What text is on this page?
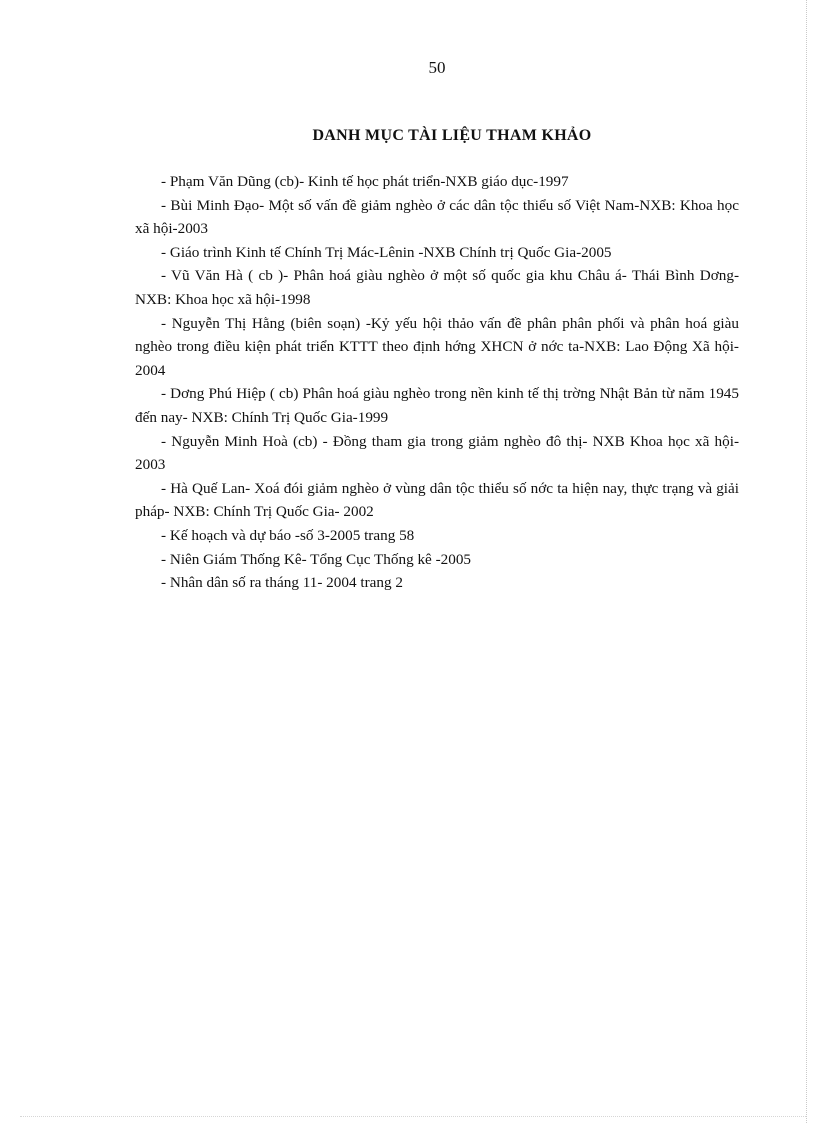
50
DANH MỤC TÀI LIỆU THAM KHẢO
- Phạm Văn Dũng (cb)- Kinh tế học phát triển-NXB giáo dục-1997
- Bùi Minh Đạo- Một số vấn đề giảm nghèo ở các dân tộc thiểu số Việt Nam-NXB: Khoa học xã hội-2003
- Giáo trình Kinh tế Chính Trị Mác-Lênin -NXB Chính trị Quốc Gia-2005
- Vũ Văn Hà ( cb )- Phân hoá giàu nghèo ở một số quốc gia khu Châu á- Thái Bình Dơng- NXB: Khoa học xã hội-1998
- Nguyễn Thị Hằng (biên soạn) -Kỷ yếu hội thảo vấn đề phân phân phối và phân hoá giàu nghèo trong điều kiện phát triển KTTT theo định hớng XHCN ở nớc ta-NXB: Lao Động Xã hội-2004
- Dơng Phú Hiệp ( cb) Phân hoá giàu nghèo trong nền kinh tế thị trờng Nhật Bản từ năm 1945 đến nay- NXB: Chính Trị Quốc Gia-1999
- Nguyễn Minh Hoà (cb) - Đồng tham gia trong giảm nghèo đô thị- NXB Khoa học xã hội-2003
- Hà Quế Lan- Xoá đói giảm nghèo ở vùng dân tộc thiểu số nớc ta hiện nay, thực trạng và giải pháp- NXB: Chính Trị Quốc Gia- 2002
- Kế hoạch và dự báo -số 3-2005 trang 58
- Niên Giám Thống Kê- Tổng Cục Thống kê -2005
- Nhân dân số ra tháng 11- 2004 trang 2
